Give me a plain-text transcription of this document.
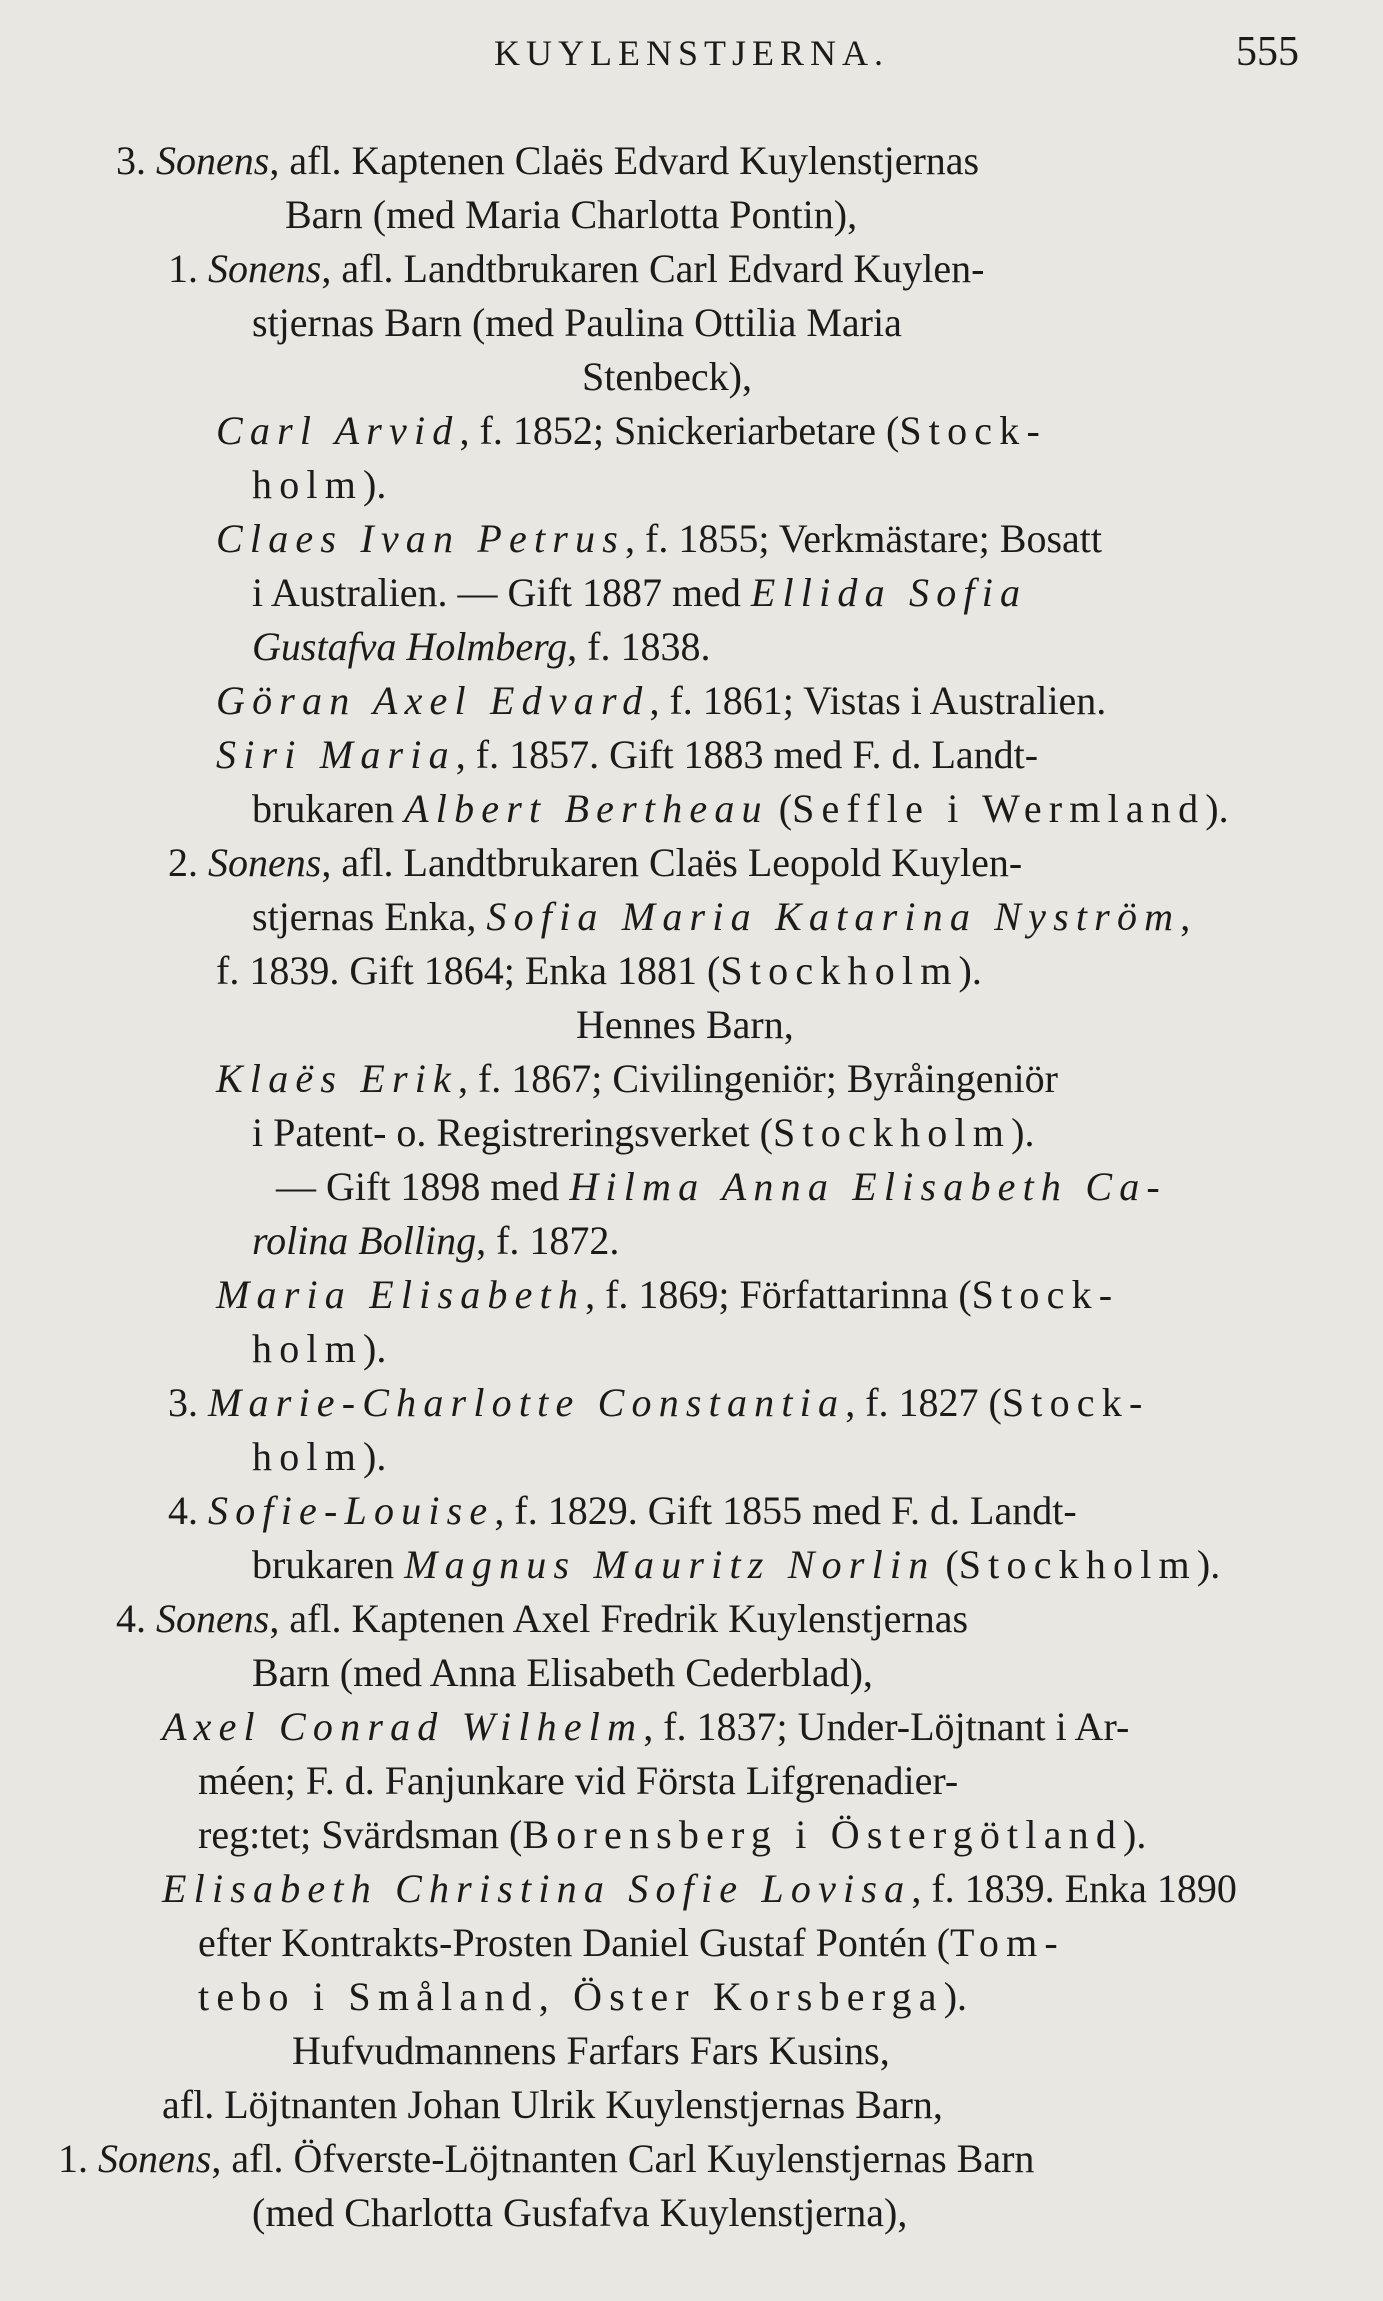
KUYLENSTJERNA.	555
3. Sonens, afl. Kaptenen Claës Edvard Kuylenstjernas
Barn (med Maria Charlotta Pontin),
1. Sonens, afl. Landtbrukaren Carl Edvard Kuylen-
stjernas Barn (med Paulina Ottilia Maria
Stenbeck),
Carl Arvid, f. 1852; Snickeriarbetare (Stock-
holm).
Claes Ivan Petrus, f. 1855; Verkmästare; Bosatt
i Australien. — Gift 1887 med Ellida Sofia
Gustafva Holmberg, f. 1838.
Göran Axel Edvard, f. 1861; Vistas i Australien.
Siri Maria, f. 1857. Gift 1883 med F. d. Landt-
brukaren Albert Bertheau (Seffle i Wermland).
2. Sonens, afl. Landtbrukaren Claës Leopold Kuylen-
stjernas Enka, Sofia Maria Katarina Nyström,
f. 1839. Gift 1864; Enka 1881 (Stockholm).
Hennes Barn,
Klaës Erik, f. 1867; Civilingeniör; Byråingeniör
i Patent- o. Registreringsverket (Stockholm).
— Gift 1898 med Hilma Anna Elisabeth Ca-
rolina Bolling, f. 1872.
Maria Elisabeth, f. 1869; Författarinna (Stock-
holm).
3. Marie-Charlotte Constantia, f. 1827 (Stock-
holm).
4. Sofie-Louise, f. 1829. Gift 1855 med F. d. Landt-
brukaren Magnus Mauritz Norlin (Stockholm).
4. Sonens, afl. Kaptenen Axel Fredrik Kuylenstjernas
Barn (med Anna Elisabeth Cederblad),
Axel Conrad Wilhelm, f. 1837; Under-Löjtnant i Ar-
méen; F. d. Fanjunkare vid Första Lifgrenadier-
reg:tet; Svärdsman (Borensberg i Östergötland).
Elisabeth Christina Sofie Lovisa, f. 1839. Enka 1890
efter Kontrakts-Prosten Daniel Gustaf Pontén (Tom-
tebo i Småland, Öster Korsberga).
Hufvudmannens Farfars Fars Kusins,
afl. Löjtnanten Johan Ulrik Kuylenstjernas Barn,
1. Sonens, afl. Öfverste-Löjtnanten Carl Kuylenstjernas Barn
(med Charlotta Gusfafva Kuylenstjerna),
